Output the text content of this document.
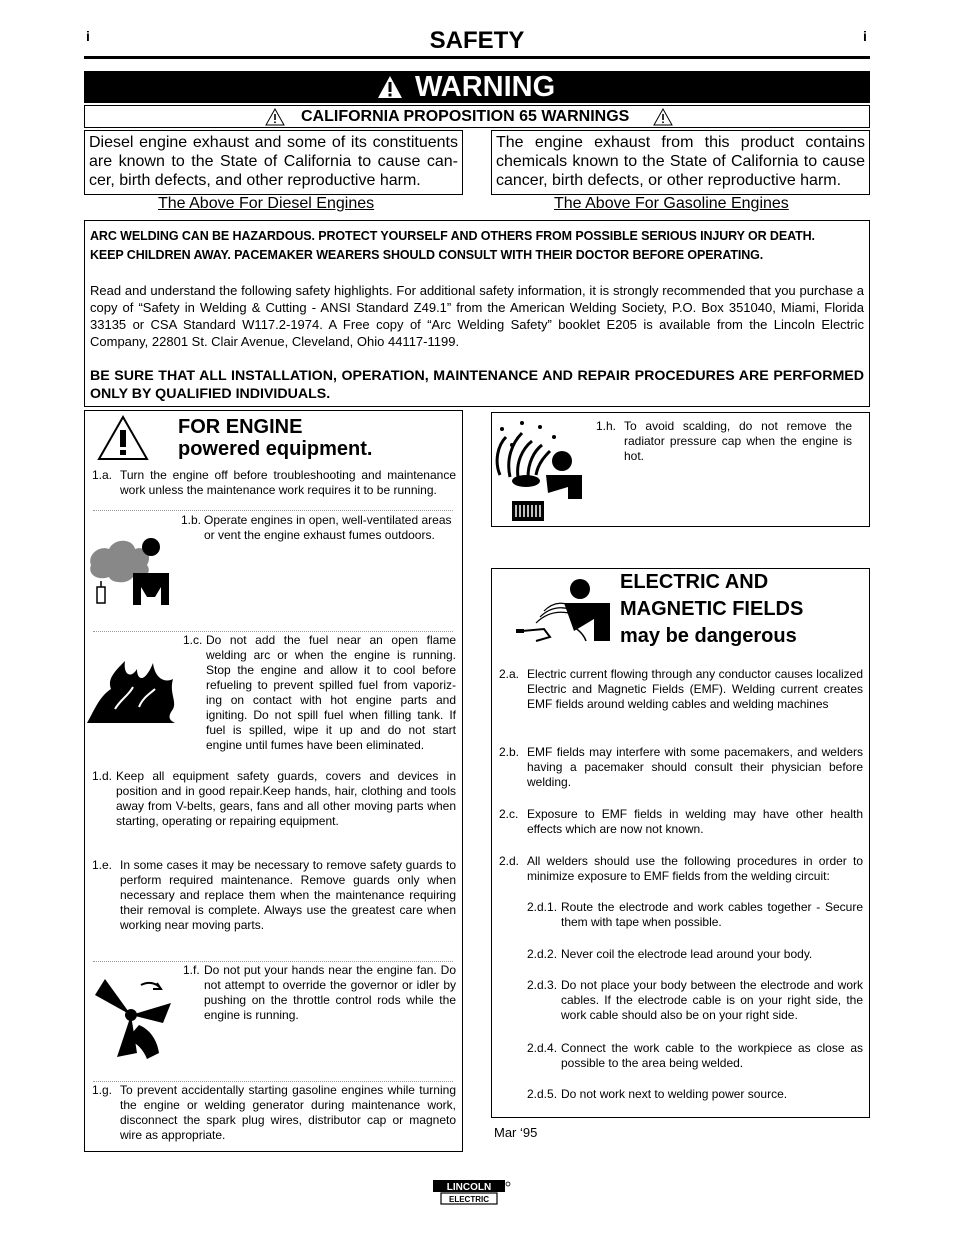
i	i
SAFETY
WARNING
CALIFORNIA PROPOSITION 65 WARNINGS
Diesel engine exhaust and some of its constituents are known to the State of California to cause can-cer, birth defects, and other reproductive harm.
The engine exhaust from this product contains chemicals known to the State of California to cause cancer, birth defects, or other reproductive harm.
The Above For Diesel Engines	The Above For Gasoline Engines
ARC WELDING CAN BE HAZARDOUS. PROTECT YOURSELF AND OTHERS FROM POSSIBLE SERIOUS INJURY OR DEATH.
KEEP CHILDREN AWAY. PACEMAKER WEARERS SHOULD CONSULT WITH THEIR DOCTOR BEFORE OPERATING.
Read and understand the following safety highlights. For additional safety information, it is strongly recommended that you purchase a copy of “Safety in Welding & Cutting - ANSI Standard Z49.1” from the American Welding Society, P.O. Box 351040, Miami, Florida 33135 or CSA Standard W117.2-1974. A Free copy of “Arc Welding Safety” booklet E205 is available from the Lincoln Electric Company, 22801 St. Clair Avenue, Cleveland, Ohio 44117-1199.
BE SURE THAT ALL INSTALLATION, OPERATION, MAINTENANCE AND REPAIR PROCEDURES ARE PERFORMED ONLY BY QUALIFIED INDIVIDUALS.
FOR ENGINE
powered equipment.
1.a. Turn the engine off before troubleshooting and maintenance work unless the maintenance work requires it to be running.
1.b. Operate engines in open, well-ventilated areas or vent the engine exhaust fumes outdoors.
1.c. Do not add the fuel near an open flame welding arc or when the engine is running. Stop the engine and allow it to cool before refueling to prevent spilled fuel from vaporiz-ing on contact with hot engine parts and igniting. Do not spill fuel when filling tank. If fuel is spilled, wipe it up and do not start engine until fumes have been eliminated.
1.d. Keep all equipment safety guards, covers and devices in position and in good repair.Keep hands, hair, clothing and tools away from V-belts, gears, fans and all other moving parts when starting, operating or repairing equipment.
1.e. In some cases it may be necessary to remove safety guards to perform required maintenance. Remove guards only when necessary and replace them when the maintenance requiring their removal is complete. Always use the greatest care when working near moving parts.
1.f. Do not put your hands near the engine fan. Do not attempt to override the governor or idler by pushing on the throttle control rods while the engine is running.
1.g. To prevent accidentally starting gasoline engines while turning the engine or welding generator during maintenance work, disconnect the spark plug wires, distributor cap or magneto wire as appropriate.
1.h. To avoid scalding, do not remove the radiator pressure cap when the engine is hot.
ELECTRIC AND
MAGNETIC FIELDS
may be dangerous
2.a. Electric current flowing through any conductor causes localized Electric and Magnetic Fields (EMF). Welding current creates EMF fields around welding cables and welding machines
2.b. EMF fields may interfere with some pacemakers, and welders having a pacemaker should consult their physician before welding.
2.c. Exposure to EMF fields in welding may have other health effects which are now not known.
2.d. All welders should use the following procedures in order to minimize exposure to EMF fields from the welding circuit:
2.d.1. Route the electrode and work cables together - Secure them with tape when possible.
2.d.2. Never coil the electrode lead around your body.
2.d.3. Do not place your body between the electrode and work cables. If the electrode cable is on your right side, the work cable should also be on your right side.
2.d.4. Connect the work cable to the workpiece as close as possible to the area being welded.
2.d.5. Do not work next to welding power source.
Mar ‘95
LINCOLN
ELECTRIC
